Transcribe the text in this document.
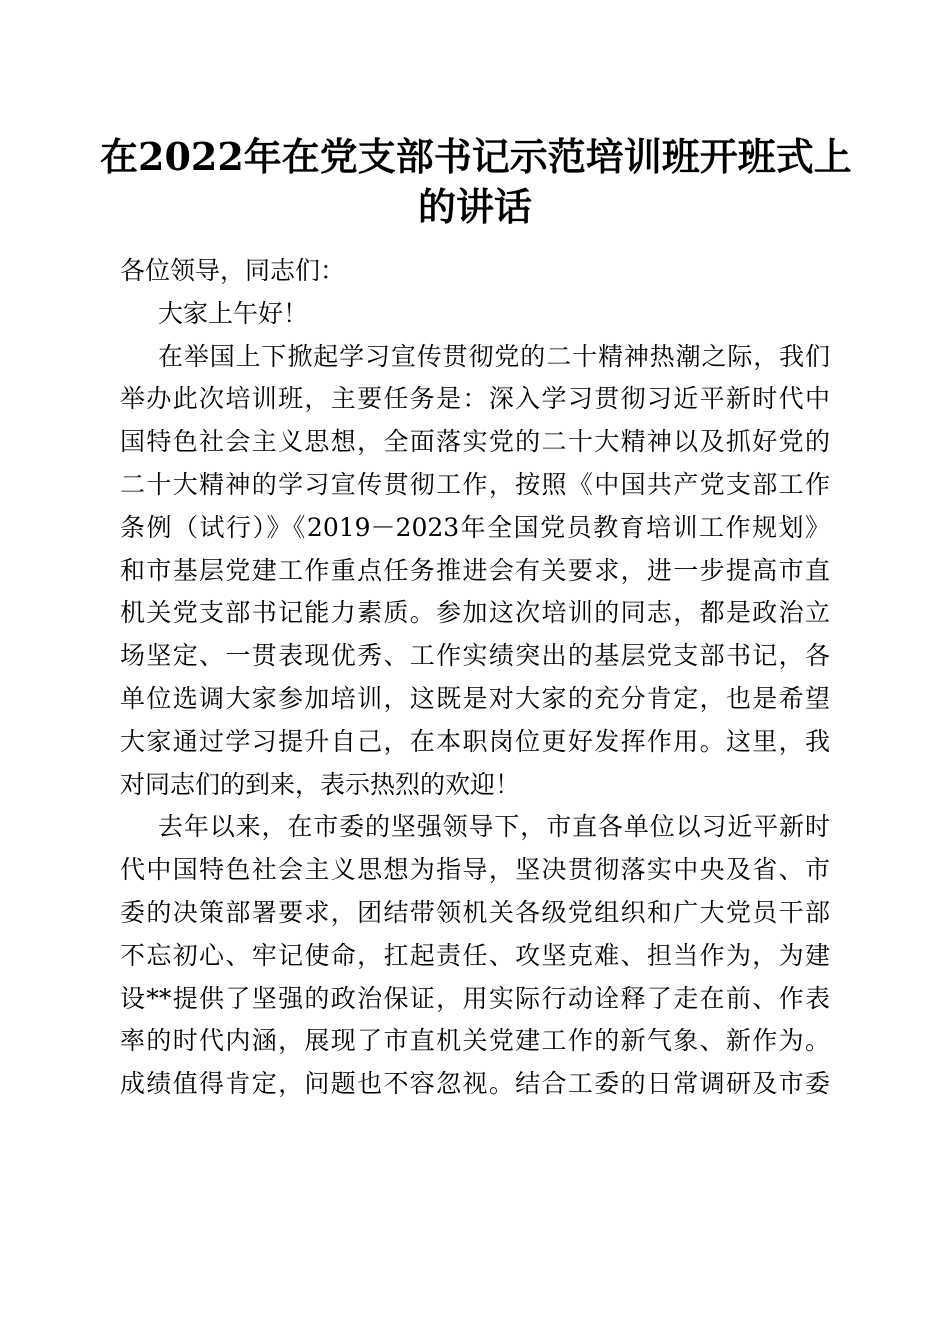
在2022年在党支部书记示范培训班开班式上
的讲话
各位领导，同志们：
大家上午好！
在举国上下掀起学习宣传贯彻党的二十精神热潮之际，我们
举办此次培训班，主要任务是：深入学习贯彻习近平新时代中
国特色社会主义思想，全面落实党的二十大精神以及抓好党的
二十大精神的学习宣传贯彻工作，按照《中国共产党支部工作
条例（试行）》《2019－2023年全国党员教育培训工作规划》
和市基层党建工作重点任务推进会有关要求，进一步提高市直
机关党支部书记能力素质。参加这次培训的同志，都是政治立
场坚定、一贯表现优秀、工作实绩突出的基层党支部书记，各
单位选调大家参加培训，这既是对大家的充分肯定，也是希望
大家通过学习提升自己，在本职岗位更好发挥作用。这里，我
对同志们的到来，表示热烈的欢迎！
去年以来，在市委的坚强领导下，市直各单位以习近平新时
代中国特色社会主义思想为指导，坚决贯彻落实中央及省、市
委的决策部署要求，团结带领机关各级党组织和广大党员干部
不忘初心、牢记使命，扛起责任、攻坚克难、担当作为，为建
设**提供了坚强的政治保证，用实际行动诠释了走在前、作表
率的时代内涵，展现了市直机关党建工作的新气象、新作为。
成绩值得肯定，问题也不容忽视。结合工委的日常调研及市委
